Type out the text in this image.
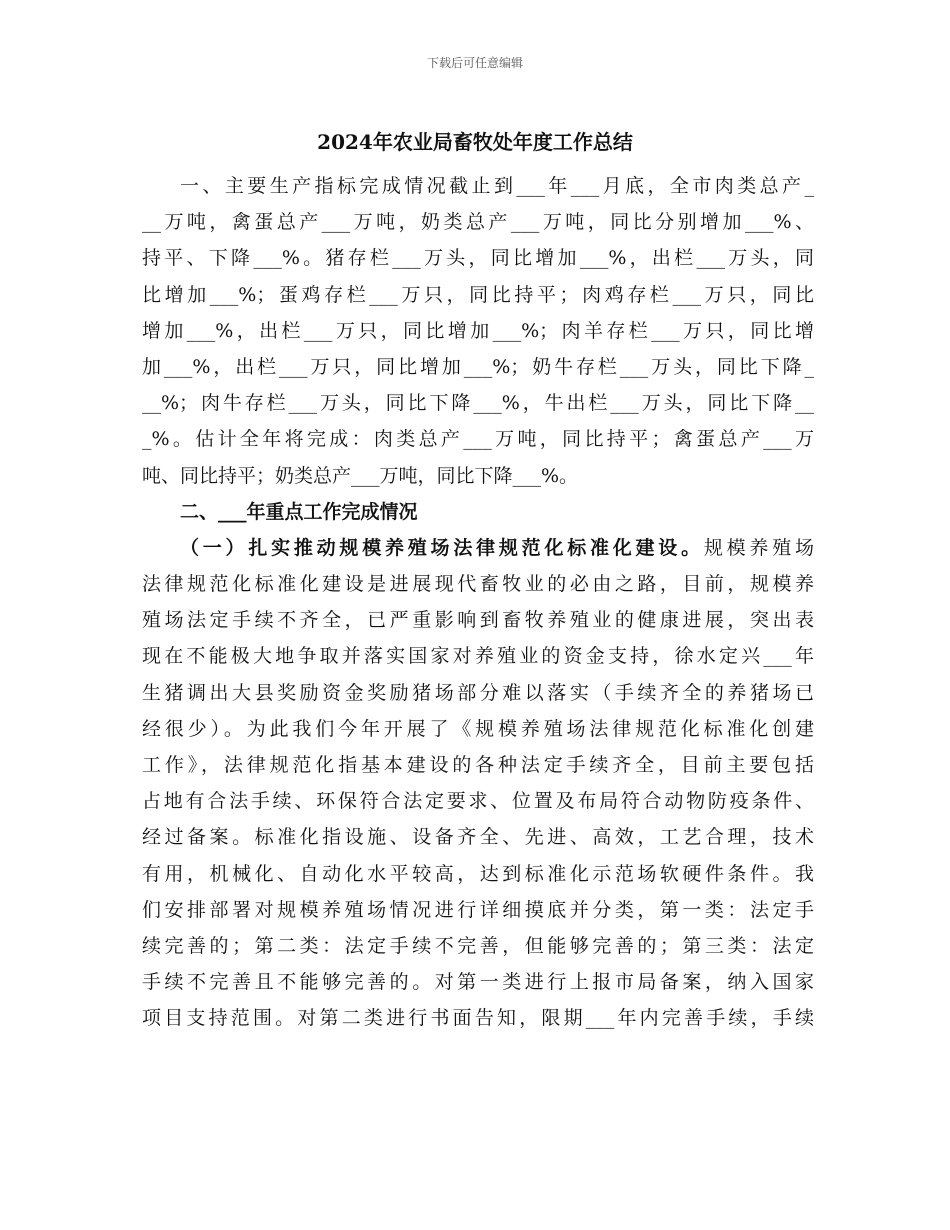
下载后可任意编辑
2024年农业局畜牧处年度工作总结
一、主要生产指标完成情况截止到___年___月底，全市肉类总产_
__万吨，禽蛋总产___万吨，奶类总产___万吨，同比分别增加___%、
持平、下降___%。猪存栏___万头，同比增加___%，出栏___万头，同
比增加___%；蛋鸡存栏___万只，同比持平；肉鸡存栏___万只，同比
增加___%，出栏___万只，同比增加___%；肉羊存栏___万只，同比增
加___%，出栏___万只，同比增加___%；奶牛存栏___万头，同比下降_
__%；肉牛存栏___万头，同比下降___%，牛出栏___万头，同比下降__
_%。估计全年将完成：肉类总产___万吨，同比持平；禽蛋总产___万
吨、同比持平；奶类总产___万吨，同比下降___%。
二、___年重点工作完成情况
（一）扎实推动规模养殖场法律规范化标准化建设。规模养殖场
法律规范化标准化建设是进展现代畜牧业的必由之路，目前，规模养
殖场法定手续不齐全，已严重影响到畜牧养殖业的健康进展，突出表
现在不能极大地争取并落实国家对养殖业的资金支持，徐水定兴___年
生猪调出大县奖励资金奖励猪场部分难以落实（手续齐全的养猪场已
经很少）。为此我们今年开展了《规模养殖场法律规范化标准化创建
工作》，法律规范化指基本建设的各种法定手续齐全，目前主要包括
占地有合法手续、环保符合法定要求、位置及布局符合动物防疫条件、
经过备案。标准化指设施、设备齐全、先进、高效，工艺合理，技术
有用，机械化、自动化水平较高，达到标准化示范场软硬件条件。我
们安排部署对规模养殖场情况进行详细摸底并分类，第一类：法定手
续完善的；第二类：法定手续不完善，但能够完善的；第三类：法定
手续不完善且不能够完善的。对第一类进行上报市局备案，纳入国家
项目支持范围。对第二类进行书面告知，限期___年内完善手续，手续
